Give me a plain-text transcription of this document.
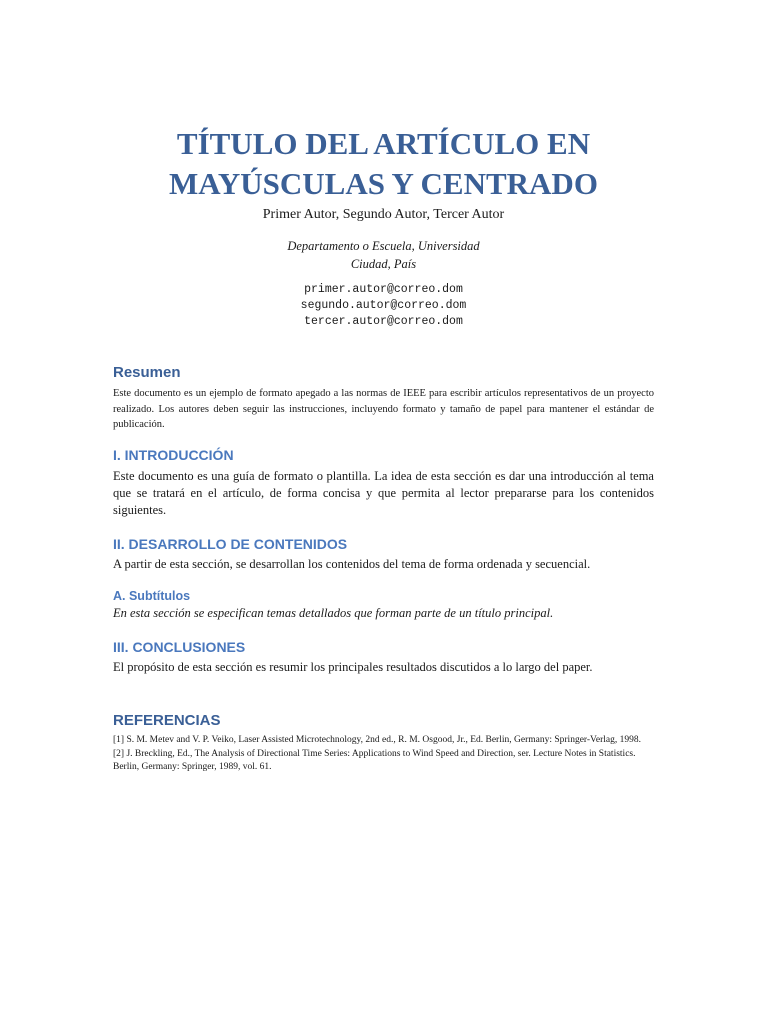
TÍTULO DEL ARTÍCULO EN
MAYÚSCULAS Y CENTRADO
Primer Autor, Segundo Autor, Tercer Autor
Departamento o Escuela, Universidad
Ciudad, País
primer.autor@correo.dom
segundo.autor@correo.dom
tercer.autor@correo.dom
Resumen

Este documento es un ejemplo de formato apegado a las normas de IEEE para escribir artículos representativos de un proyecto realizado. Los autores deben seguir las instrucciones, incluyendo formato y tamaño de papel para mantener el estándar de publicación.

I. INTRODUCCIÓN

Este documento es una guía de formato o plantilla. La idea de esta sección es dar una introducción al tema que se tratará en el artículo, de forma concisa y que permita al lector prepararse para los contenidos siguientes.

II. DESARROLLO DE CONTENIDOS

A partir de esta sección, se desarrollan los contenidos del tema de forma ordenada y secuencial.

A. Subtítulos

En esta sección se especifican temas detallados que forman parte de un título principal.

III. CONCLUSIONES

El propósito de esta sección es resumir los principales resultados discutidos a lo largo del paper.

REFERENCIAS
[1] S. M. Metev and V. P. Veiko, Laser Assisted Microtechnology, 2nd ed., R. M. Osgood, Jr., Ed. Berlin, Germany: Springer-Verlag, 1998.
[2] J. Breckling, Ed., The Analysis of Directional Time Series: Applications to Wind Speed and Direction, ser. Lecture Notes in Statistics. Berlin, Germany: Springer, 1989, vol. 61.
